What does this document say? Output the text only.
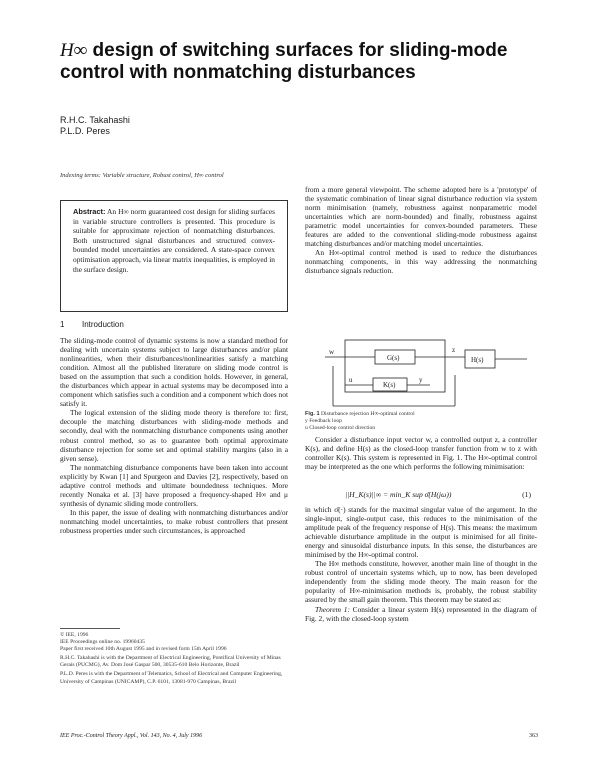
H∞ design of switching surfaces for sliding-mode control with nonmatching disturbances
R.H.C. Takahashi
P.L.D. Peres
Indexing terms: Variable structure, Robust control, H∞ control
Abstract: An H∞ norm guaranteed cost design for sliding surfaces in variable structure controllers is presented. This procedure is suitable for approximate rejection of nonmatching disturbances. Both unstructured signal disturbances and structured convex-bounded model uncertainties are considered. A state-space convex optimisation approach, via linear matrix inequalities, is employed in the surface design.
1 Introduction

The sliding-mode control of dynamic systems is now a standard method for dealing with uncertain systems subject to large disturbances and/or plant nonlinearities, when their disturbances/nonlinearities satisfy a matching condition. Almost all the published literature on sliding mode control is based on the assumption that such a condition holds. However, in general, the disturbances which appear in actual systems may be decomposed into a component which satisfies such a condition and a component which does not satisfy it.

The logical extension of the sliding mode theory is therefore to: first, decouple the matching disturbances with sliding-mode methods and secondly, deal with the nonmatching disturbance components using another robust control method, so as to guarantee both optimal approximate disturbance rejection for some set and optimal stability margins (also in a given sense).

The nonmatching disturbance components have been taken into account explicitly by Kwan [1] and Spurgeon and Davies [2], respectively, based on adaptive control methods and ultimate boundedness techniques. More recently Nonaka et al. [3] have proposed a frequency-shaped H∞ and μ synthesis of dynamic sliding mode controllers.

In this paper, the issue of dealing with nonmatching disturbances and/or nonmatching model uncertainties, to make robust controllers that present robustness properties under such circumstances, is approached

© IEE, 1996
IEE Proceedings online no. 19960435
Paper first received 10th August 1995 and in revised form 15th April 1996
R.H.C. Takahashi is with the Department of Electrical Engineering, Pontifical University of Minas Gerais (PUCMG), Av. Dom José Gaspar 500, 30535-610 Belo Horizonte, Brazil
P.L.D. Peres is with the Department of Telematics, School of Electrical and Computer Engineering, University of Campinas (UNICAMP), C.P. 6101, 13081-970 Campinas, Brazil

from a more general viewpoint. The scheme adopted here is a 'prototype' of the systematic combination of linear signal disturbance reduction via system norm minimisation (namely, robustness against nonparametric model uncertainties which are norm-bounded) and finally, robustness against parametric model uncertainties for convex-bounded parameters. These features are added to the conventional sliding-mode robustness against matching disturbances and/or matching model uncertainties.

An H∞-optimal control method is used to reduce the disturbances nonmatching components, in this way addressing the nonmatching disturbance signals reduction.

w	z
u	y
G(s)
K(s)
H(s)
Fig. 1 Disturbance rejection H∞-optimal control
y Feedback loop
u Closed-loop control direction

Consider a disturbance input vector w, a controlled output z, a controller K(s), and define H(s) as the closed-loop transfer function from w to z with controller K(s). This system is represented in Fig. 1. The H∞-optimal control may be interpreted as the one which performs the following minimisation:

||H_K(s)||∞ = min_K sup σ̄(H(jω))	(1)

in which σ̄(·) stands for the maximal singular value of the argument. In the single-input, single-output case, this reduces to the minimisation of the amplitude peak of the frequency response of H(s). This means: the maximum achievable disturbance amplitude in the output is minimised for all finite-energy and sinusoidal disturbance inputs. In this sense, the disturbances are minimised by the H∞-optimal control.

The H∞ methods constitute, however, another main line of thought in the robust control of uncertain systems which, up to now, has been developed independently from the sliding mode theory. The main reason for the popularity of H∞-minimisation methods is, probably, the robust stability assured by the small gain theorem. This theorem may be stated as:

Theorem 1: Consider a linear system H(s) represented in the diagram of Fig. 2, with the closed-loop system

IEE Proc.-Control Theory Appl., Vol. 143, No. 4, July 1996	363
